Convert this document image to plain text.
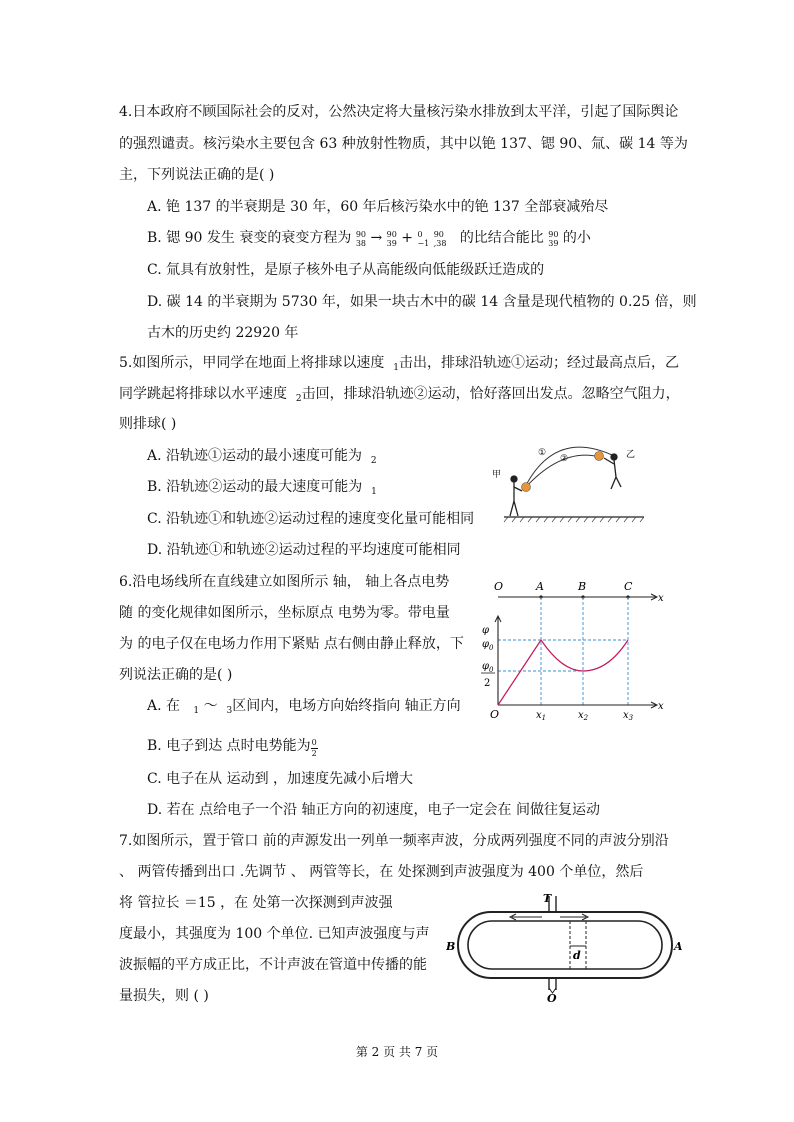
4.日本政府不顾国际社会的反对，公然决定将大量核污染水排放到太平洋，引起了国际舆论
的强烈谴责。核污染水主要包含 63 种放射性物质，其中以铯 137、锶 90、氚、碳 14 等为
主，下列说法正确的是( )
A. 铯 137 的半衰期是 30 年，60 年后核污染水中的铯 137 全部衰减殆尽
B. 锶 90 发生 衰变的衰变方程为 90
38 → 90
39 + 0
−1 90
,38 的比结合能比 90
39 的小
C. 氚具有放射性，是原子核外电子从高能级向低能级跃迁造成的
D. 碳 14 的半衰期为 5730 年，如果一块古木中的碳 14 含量是现代植物的 0.25 倍，则
古木的历史约 22920 年
5.如图所示，甲同学在地面上将排球以速度 $_1$击出，排球沿轨迹①运动；经过最高点后，乙
同学跳起将排球以水平速度 $_2$击回，排球沿轨迹②运动，恰好落回出发点。忽略空气阻力，
则排球( )
A. 沿轨迹①运动的最小速度可能为 $_2$
B. 沿轨迹②运动的最大速度可能为 $_1$
C. 沿轨迹①和轨迹②运动过程的速度变化量可能相同
D. 沿轨迹①和轨迹②运动过程的平均速度可能相同
①
②
甲
乙
6.沿电场线所在直线建立如图所示 轴， 轴上各点电势
随 的变化规律如图所示，坐标原点 电势为零。带电量
为 的电子仅在电场力作用下紧贴 点右侧由静止释放，下
列说法正确的是( )
A. 在 $_1$ ～ $_3$区间内，电场方向始终指向 轴正方向
B. 电子到达 点时电势能为 $\frac{0}{2}$
C. 电子在从 运动到 ，加速度先减小后增大
D. 若在 点给电子一个沿 轴正方向的初速度，电子一定会在 间做往复运动
O	A	B	C
x
φ
$\varphi_0$
$\varphi_0$
2
O	$x_1$	$x_2$	$x_3$
x
7.如图所示，置于管口 前的声源发出一列单一频率声波，分成两列强度不同的声波分别沿
、 两管传播到出口 .先调节 、 两管等长，在 处探测到声波强度为 400 个单位，然后
将 管拉长 ＝15 ，在 处第一次探测到声波强
度最小，其强度为 100 个单位. 已知声波强度与声
波振幅的平方成正比，不计声波在管道中传播的能
量损失，则 ( )
T
d
O
B	A
第 2 页 共 7 页
